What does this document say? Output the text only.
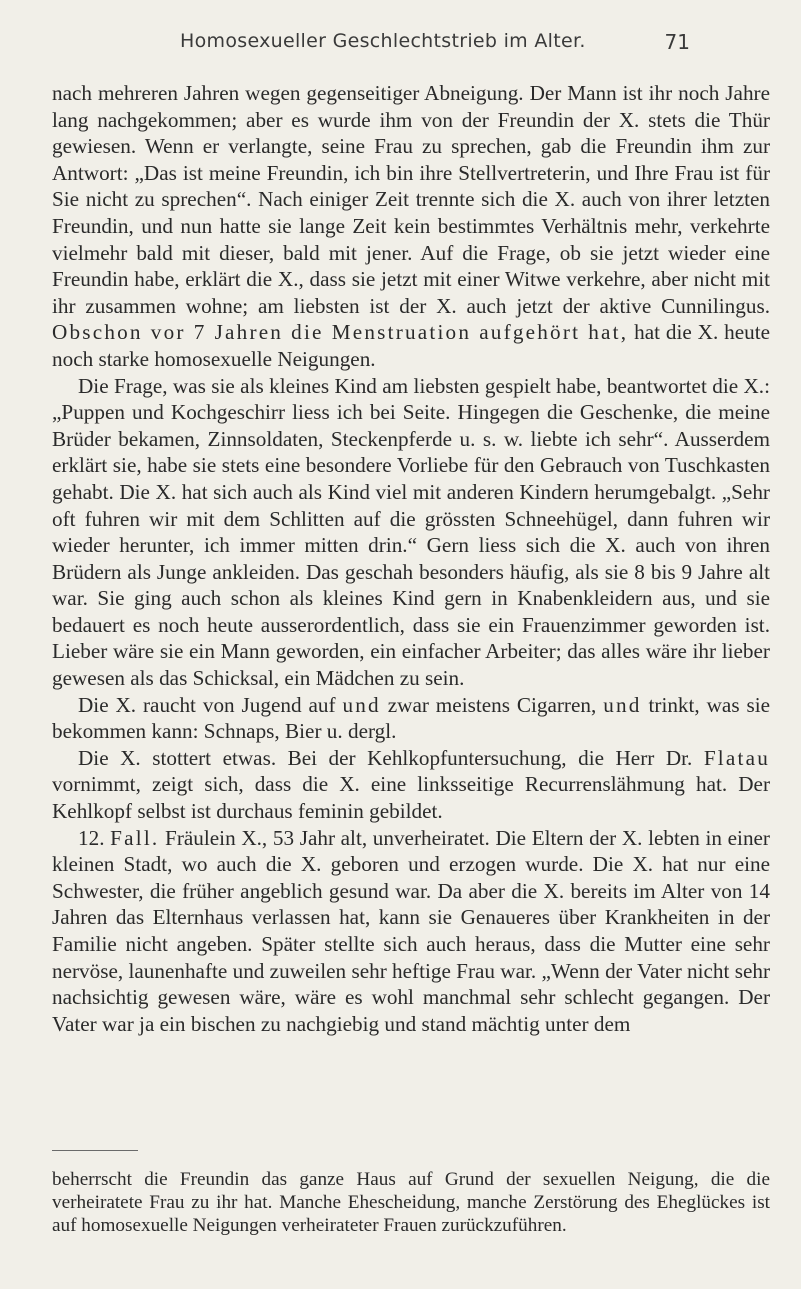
Homosexueller Geschlechtstrieb im Alter.	71

nach mehreren Jahren wegen gegenseitiger Abneigung. Der Mann ist ihr noch Jahre lang nachgekommen; aber es wurde ihm von der Freundin der X. stets die Thür gewiesen. Wenn er verlangte, seine Frau zu sprechen, gab die Freundin ihm zur Antwort: „Das ist meine Freundin, ich bin ihre Stellvertreterin, und Ihre Frau ist für Sie nicht zu sprechen“. Nach einiger Zeit trennte sich die X. auch von ihrer letzten Freundin, und nun hatte sie lange Zeit kein bestimmtes Verhältnis mehr, verkehrte vielmehr bald mit dieser, bald mit jener. Auf die Frage, ob sie jetzt wieder eine Freundin habe, erklärt die X., dass sie jetzt mit einer Witwe verkehre, aber nicht mit ihr zusammen wohne; am liebsten ist der X. auch jetzt der aktive Cunnilingus. Obschon vor 7 Jahren die Menstruation aufgehört hat, hat die X. heute noch starke homosexuelle Neigungen.

Die Frage, was sie als kleines Kind am liebsten gespielt habe, beantwortet die X.: „Puppen und Kochgeschirr liess ich bei Seite. Hingegen die Geschenke, die meine Brüder bekamen, Zinnsoldaten, Steckenpferde u. s. w. liebte ich sehr“. Ausserdem erklärt sie, habe sie stets eine besondere Vorliebe für den Gebrauch von Tuschkasten gehabt. Die X. hat sich auch als Kind viel mit anderen Kindern herumgebalgt. „Sehr oft fuhren wir mit dem Schlitten auf die grössten Schneehügel, dann fuhren wir wieder herunter, ich immer mitten drin.“ Gern liess sich die X. auch von ihren Brüdern als Junge ankleiden. Das geschah besonders häufig, als sie 8 bis 9 Jahre alt war. Sie ging auch schon als kleines Kind gern in Knabenkleidern aus, und sie bedauert es noch heute ausserordentlich, dass sie ein Frauenzimmer geworden ist. Lieber wäre sie ein Mann geworden, ein einfacher Arbeiter; das alles wäre ihr lieber gewesen als das Schicksal, ein Mädchen zu sein.

Die X. raucht von Jugend auf und zwar meistens Cigarren, und trinkt, was sie bekommen kann: Schnaps, Bier u. dergl.

Die X. stottert etwas. Bei der Kehlkopfuntersuchung, die Herr Dr. Flatau vornimmt, zeigt sich, dass die X. eine linksseitige Recurrenslähmung hat. Der Kehlkopf selbst ist durchaus feminin gebildet.

12. Fall. Fräulein X., 53 Jahr alt, unverheiratet. Die Eltern der X. lebten in einer kleinen Stadt, wo auch die X. geboren und erzogen wurde. Die X. hat nur eine Schwester, die früher angeblich gesund war. Da aber die X. bereits im Alter von 14 Jahren das Elternhaus verlassen hat, kann sie Genaueres über Krankheiten in der Familie nicht angeben. Später stellte sich auch heraus, dass die Mutter eine sehr nervöse, launenhafte und zuweilen sehr heftige Frau war. „Wenn der Vater nicht sehr nachsichtig gewesen wäre, wäre es wohl manchmal sehr schlecht gegangen. Der Vater war ja ein bischen zu nachgiebig und stand mächtig unter dem

beherrscht die Freundin das ganze Haus auf Grund der sexuellen Neigung, die die verheiratete Frau zu ihr hat. Manche Ehescheidung, manche Zerstörung des Eheglückes ist auf homosexuelle Neigungen verheirateter Frauen zurückzuführen.
